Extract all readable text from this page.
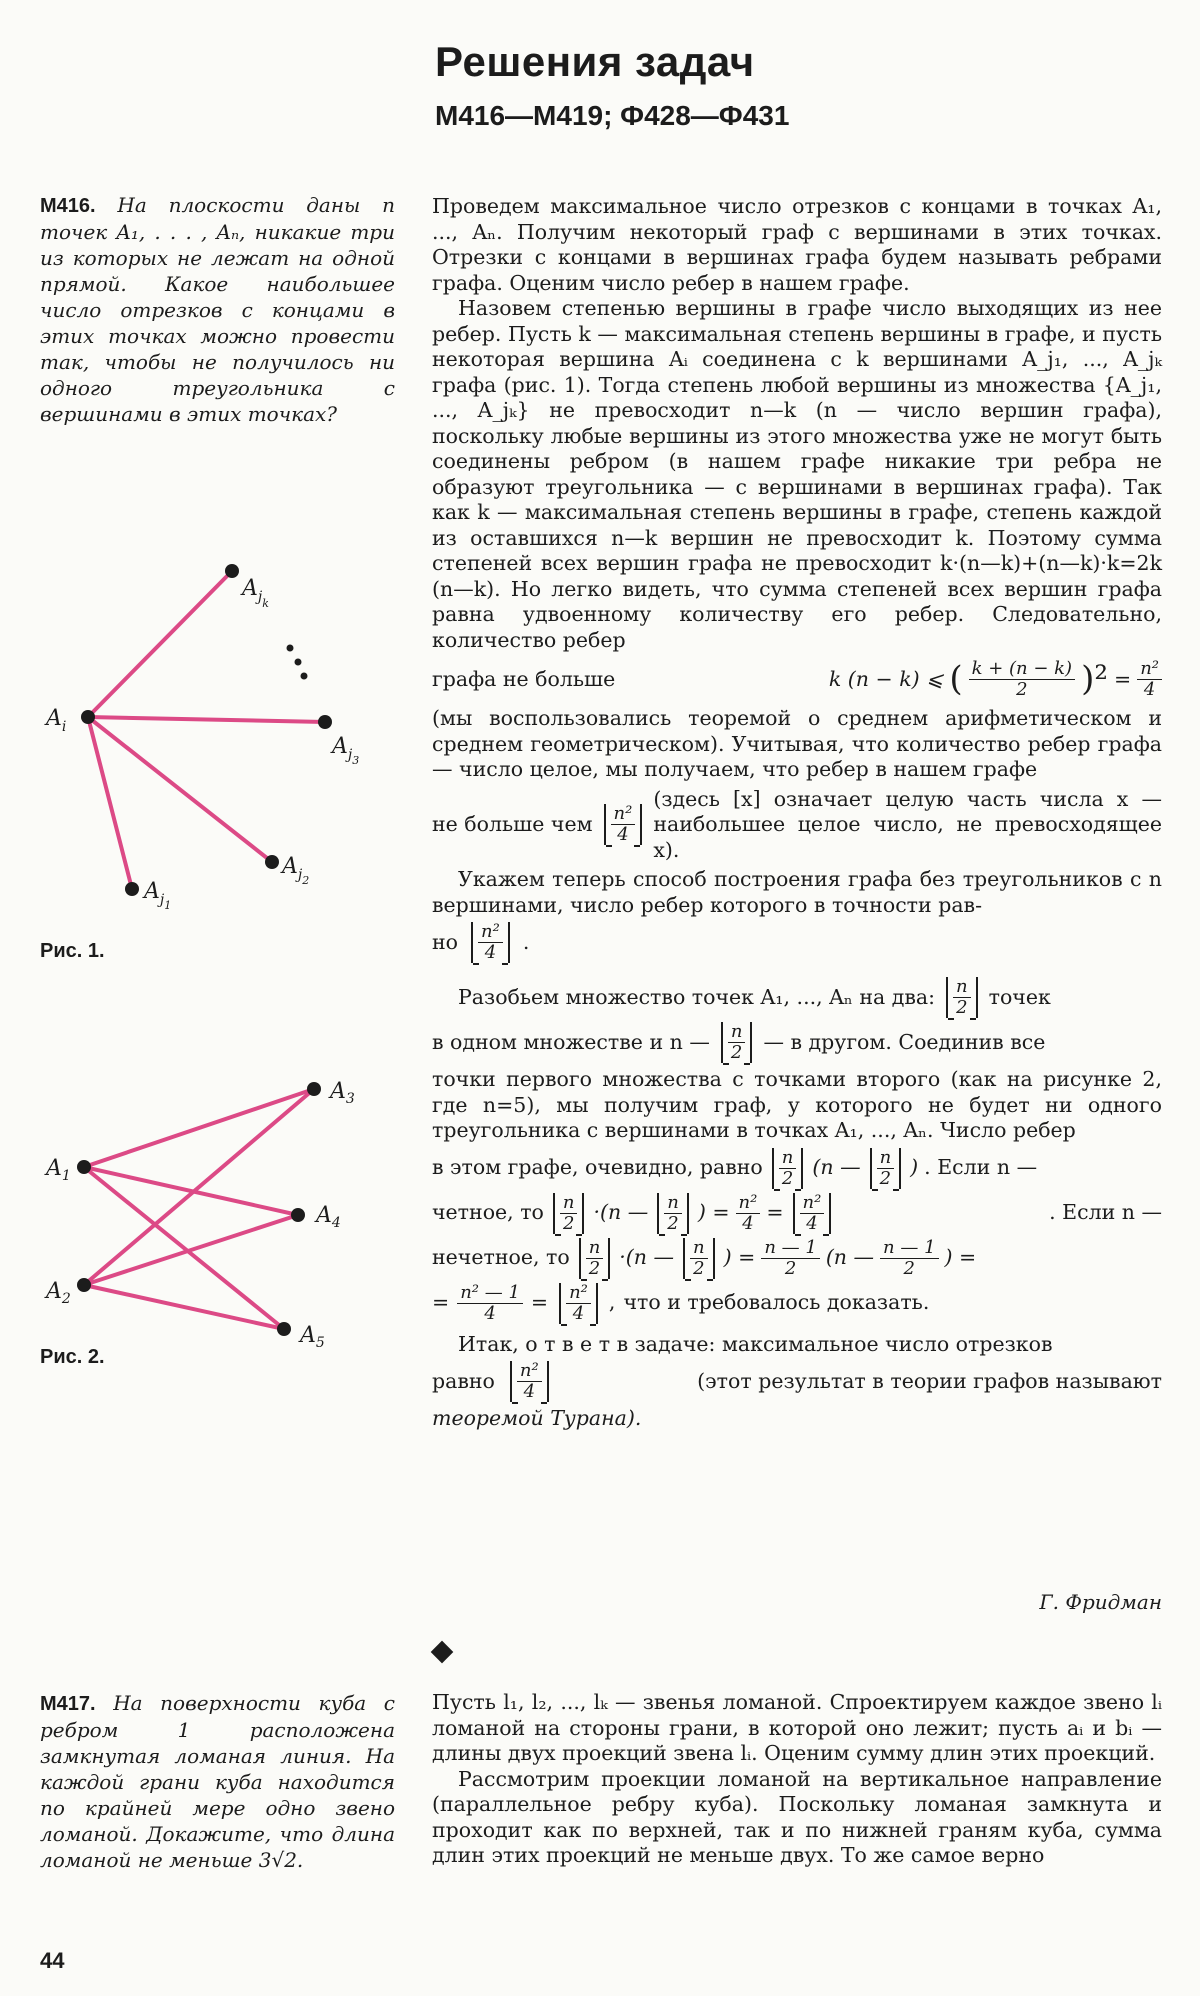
Решения задач
М416—М419; Ф428—Ф431
М416. На плоскости даны n точек A₁, . . . , Aₙ, никакие три из которых не лежат на одной прямой. Какое наибольшее число отрезков с концами в этих точках можно провести так, чтобы не получилось ни одного треугольника с вершинами в этих точках?
$A_{jk}$
$A_i$
$A_{j3}$
$A_{j2}$
$A_{j1}$
Рис. 1.
$A_3$
$A_1$
$A_4$
$A_2$
$A_5$
Рис. 2.

Проведем максимальное число отрезков с концами в точках A₁, ..., Aₙ. Получим некоторый граф с вершинами в этих точках. Отрезки с концами в вершинах графа будем называть ребрами графа. Оценим число ребер в нашем графе.

Назовем степенью вершины в графе число выходящих из нее ребер. Пусть k — максимальная степень вершины в графе, и пусть некоторая вершина Aᵢ соединена с k вершинами A_j₁, ..., A_jₖ графа (рис. 1). Тогда степень любой вершины из множества {A_j₁, ..., A_jₖ} не превосходит n—k (n — число вершин графа), поскольку любые вершины из этого множества уже не могут быть соединены ребром (в нашем графе никакие три ребра не образуют треугольника — с вершинами в вершинах графа). Так как k — максимальная степень вершины в графе, степень каждой из оставшихся n—k вершин не превосходит k. Поэтому сумма степеней всех вершин графа не превосходит k·(n—k)+(n—k)·k=2k (n—k). Но легко видеть, что сумма степеней всех вершин графа равна удвоенному количеству его ребер. Следовательно, количество ребер

графа не больше	k (n − k) ⩽ ( $\frac{k + (n - k)}{2} )^2 = \frac{\text{n²}}{4}$

(мы воспользовались теоремой о среднем арифметическом и среднем геометрическом). Учитывая, что количество ребер графа — число целое, мы получаем, что ребер в нашем графе

не больше чем $\frac{\text{n²}}{4}$
(здесь [x] означает целую часть числа x — наибольшее целое число, не превосходящее x).

Укажем теперь способ построения графа без треугольников с n вершинами, число ребер которого в точности рав-

но $\frac{\text{n²}}{4}$ .
Разобьем множество точек A₁, ..., Aₙ на два: $\frac{n}{2}$ точек
в одном множестве и n — $\frac{n}{2}$ — в другом. Соединив все

точки первого множества с точками второго (как на рисунке 2, где n=5), мы получим граф, у которого не будет ни одного треугольника с вершинами в точках A₁, ..., Aₙ. Число ребер

в этом графе, очевидно, равно $\frac{n}{2} (n$ — $\frac{n}{2}$ ) . Если n —
четное, то $\frac{n}{2} \cdot(n$ — $\frac{n}{2}$ ) = $\frac{\text{n²}}{4} = \frac{\text{n²}}{4}$	. Если n —
нечетное, то $\frac{n}{2} \cdot(n$ — $\frac{n}{2}$ ) = $\frac{n — 1}{2} (n$ — $\frac{n — 1}{2}$ ) =
= $\frac{\text{n² — 1}}{4} = \frac{\text{n²}}{4}$ , что и требовалось доказать.

Итак, о т в е т в задаче: максимальное число отрезков

равно $\frac{\text{n²}}{4}$	(этот результат в теории графов называют

теоремой Турана).

Г. Фридман
М417. На поверхности куба с ребром 1 расположена замкнутая ломаная линия. На каждой грани куба находится по крайней мере одно звено ломаной. Докажите, что длина ломаной не меньше 3√2.

Пусть l₁, l₂, ..., lₖ — звенья ломаной. Спроектируем каждое звено lᵢ ломаной на стороны грани, в которой оно лежит; пусть aᵢ и bᵢ — длины двух проекций звена lᵢ. Оценим сумму длин этих проекций.

Рассмотрим проекции ломаной на вертикальное направление (параллельное ребру куба). Поскольку ломаная замкнута и проходит как по верхней, так и по нижней граням куба, сумма длин этих проекций не меньше двух. То же самое верно

44
